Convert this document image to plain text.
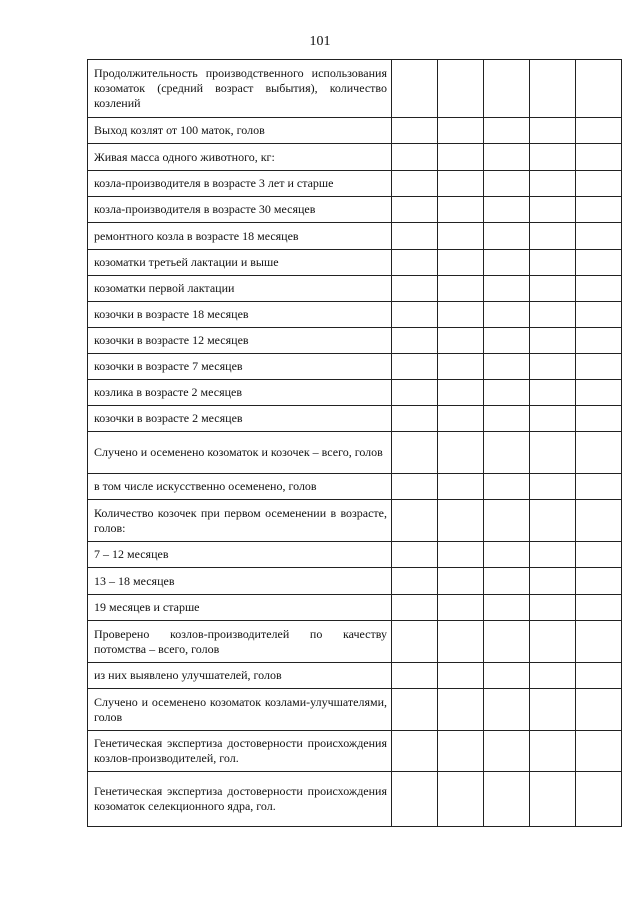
101
Продолжительность производственного использования козоматок (средний возраст выбытия), количество козлений					
Выход козлят от 100 маток, голов					
Живая масса одного животного, кг:					
козла-производителя в возрасте 3 лет и старше					
козла-производителя в возрасте 30 месяцев					
ремонтного козла в возрасте 18 месяцев					
козоматки третьей лактации и выше					
козоматки первой лактации					
козочки в возрасте 18 месяцев					
козочки в возрасте 12 месяцев					
козочки в возрасте 7 месяцев					
козлика в возрасте 2 месяцев					
козочки в возрасте 2 месяцев					
Случено и осеменено козоматок и козочек – всего, голов					
в том числе искусственно осеменено, голов					
Количество козочек при первом осеменении в возрасте, голов:					
7 – 12 месяцев					
13 – 18 месяцев					
19 месяцев и старше					
Проверено козлов-производителей по качеству потомства – всего, голов					
из них выявлено улучшателей, голов					
Случено и осеменено козоматок козлами-улучшателями, голов					
Генетическая экспертиза достоверности происхождения козлов-производителей, гол.					
Генетическая экспертиза достоверности происхождения козоматок селекционного ядра, гол.					
